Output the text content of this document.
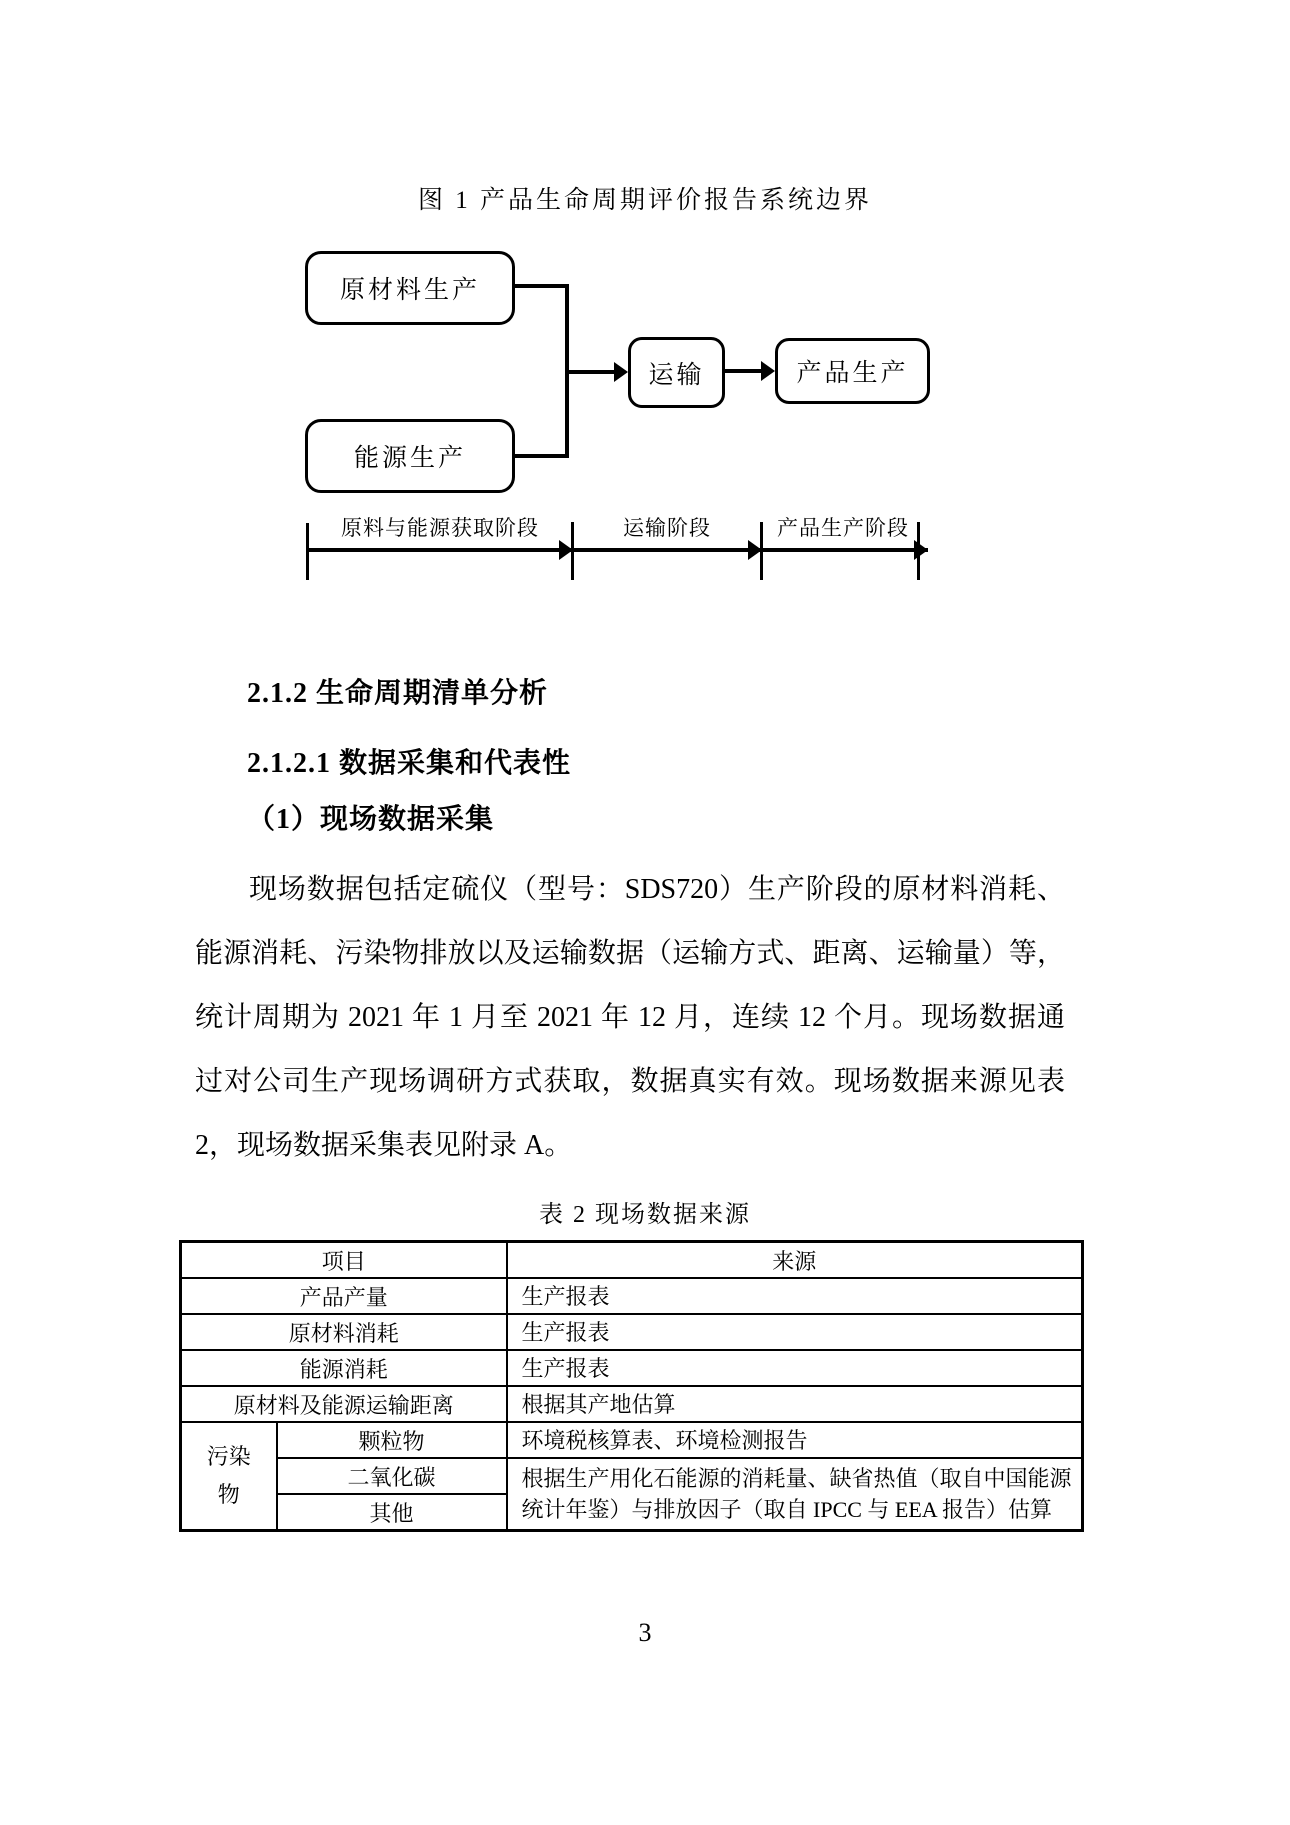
图 1 产品生命周期评价报告系统边界
原材料生产
能源生产
运输	产品生产
原料与能源获取阶段	运输阶段	产品生产阶段
2.1.2 生命周期清单分析
2.1.2.1 数据采集和代表性
（1）现场数据采集
现场数据包括定硫仪（型号：SDS720）生产阶段的原材料消耗、
能源消耗、污染物排放以及运输数据（运输方式、距离、运输量）等，
统计周期为 2021 年 1 月至 2021 年 12 月，连续 12 个月。现场数据通
过对公司生产现场调研方式获取，数据真实有效。现场数据来源见表
2，现场数据采集表见附录 A。
表 2 现场数据来源
项目		来源
产品产量		生产报表
原材料消耗		生产报表
能源消耗		生产报表
原材料及能源运输距离		根据其产地估算

污染物	颗粒物	环境税核算表、环境检测报告
	二氧化碳	根据生产用化石能源的消耗量、缺省热值（取自中国能源统计年鉴）与排放因子（取自 IPCC 与 EEA 报告）估算
	其他	
3
